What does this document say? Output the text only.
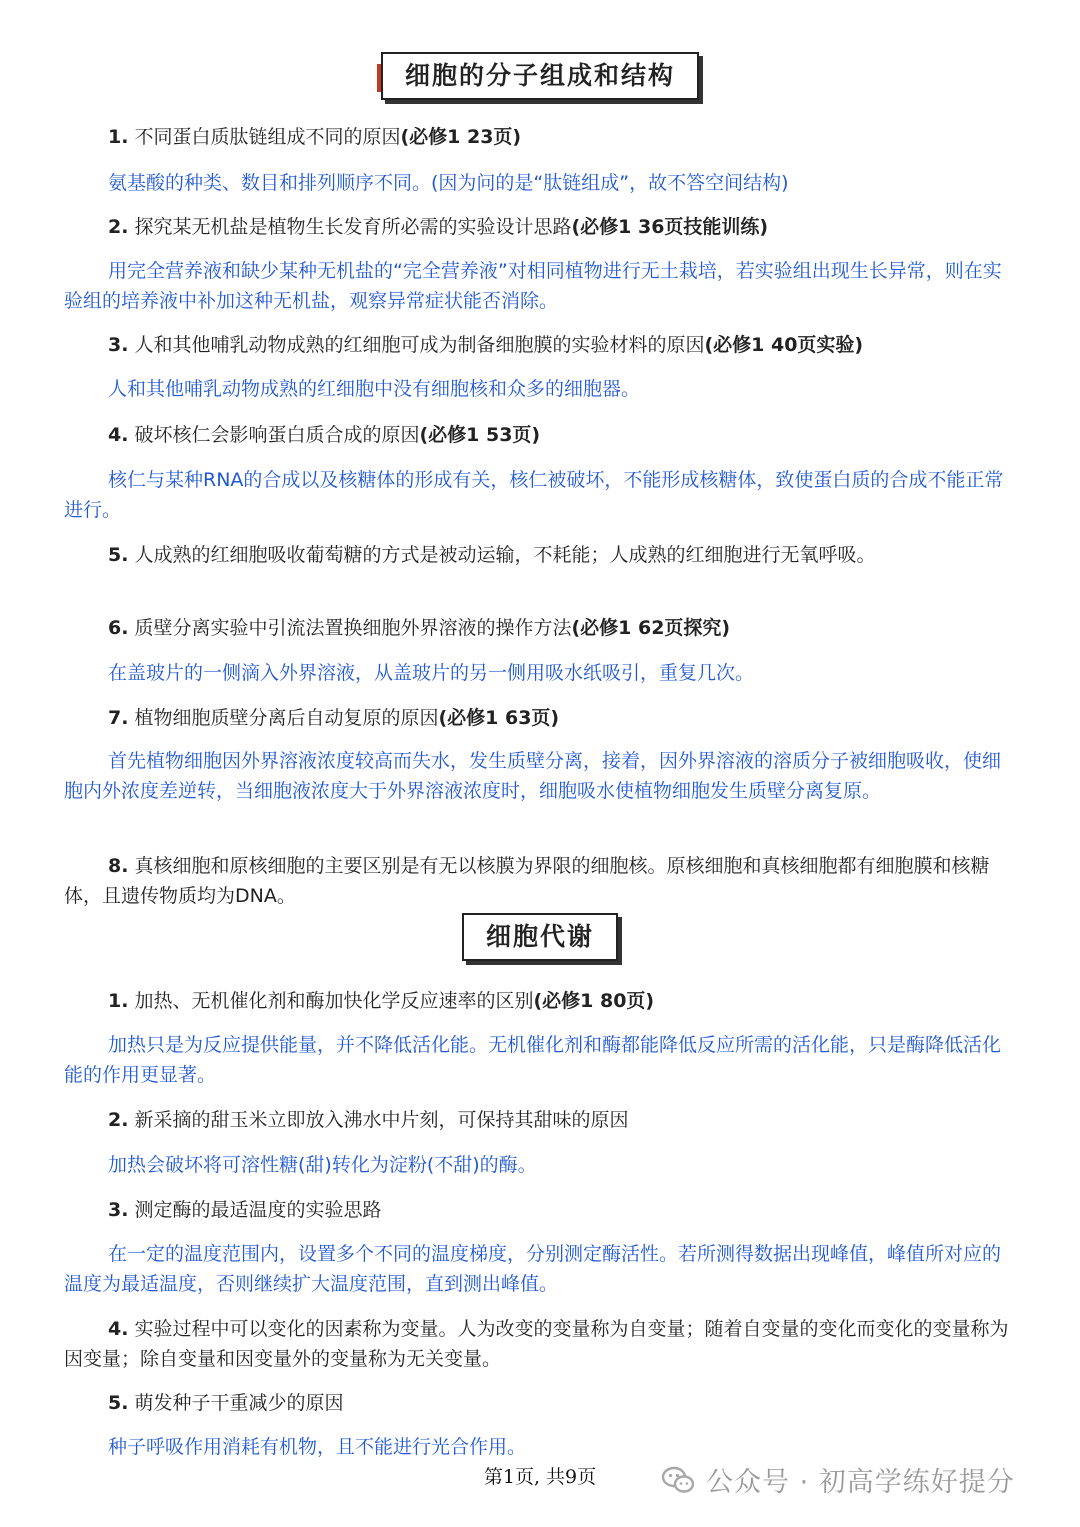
细胞的分子组成和结构
1. 不同蛋白质肽链组成不同的原因(必修1 23页)
氨基酸的种类、数目和排列顺序不同。(因为问的是“肽链组成”，故不答空间结构)
2. 探究某无机盐是植物生长发育所必需的实验设计思路(必修1 36页技能训练)
用完全营养液和缺少某种无机盐的“完全营养液”对相同植物进行无土栽培，若实验组出现生长异常，则在实验组的培养液中补加这种无机盐，观察异常症状能否消除。
3. 人和其他哺乳动物成熟的红细胞可成为制备细胞膜的实验材料的原因(必修1 40页实验)
人和其他哺乳动物成熟的红细胞中没有细胞核和众多的细胞器。
4. 破坏核仁会影响蛋白质合成的原因(必修1 53页)
核仁与某种RNA的合成以及核糖体的形成有关，核仁被破坏，不能形成核糖体，致使蛋白质的合成不能正常进行。
5. 人成熟的红细胞吸收葡萄糖的方式是被动运输，不耗能；人成熟的红细胞进行无氧呼吸。
6. 质壁分离实验中引流法置换细胞外界溶液的操作方法(必修1 62页探究)
在盖玻片的一侧滴入外界溶液，从盖玻片的另一侧用吸水纸吸引，重复几次。
7. 植物细胞质壁分离后自动复原的原因(必修1 63页)
首先植物细胞因外界溶液浓度较高而失水，发生质壁分离，接着，因外界溶液的溶质分子被细胞吸收，使细胞内外浓度差逆转，当细胞液浓度大于外界溶液浓度时，细胞吸水使植物细胞发生质壁分离复原。
8. 真核细胞和原核细胞的主要区别是有无以核膜为界限的细胞核。原核细胞和真核细胞都有细胞膜和核糖体，且遗传物质均为DNA。
细胞代谢
1. 加热、无机催化剂和酶加快化学反应速率的区别(必修1 80页)
加热只是为反应提供能量，并不降低活化能。无机催化剂和酶都能降低反应所需的活化能，只是酶降低活化能的作用更显著。
2. 新采摘的甜玉米立即放入沸水中片刻，可保持其甜味的原因
加热会破坏将可溶性糖(甜)转化为淀粉(不甜)的酶。
3. 测定酶的最适温度的实验思路
在一定的温度范围内，设置多个不同的温度梯度，分别测定酶活性。若所测得数据出现峰值，峰值所对应的温度为最适温度，否则继续扩大温度范围，直到测出峰值。
4. 实验过程中可以变化的因素称为变量。人为改变的变量称为自变量；随着自变量的变化而变化的变量称为因变量；除自变量和因变量外的变量称为无关变量。
5. 萌发种子干重减少的原因
种子呼吸作用消耗有机物，且不能进行光合作用。
第1页, 共9页	公众号 · 初高学练好提分
